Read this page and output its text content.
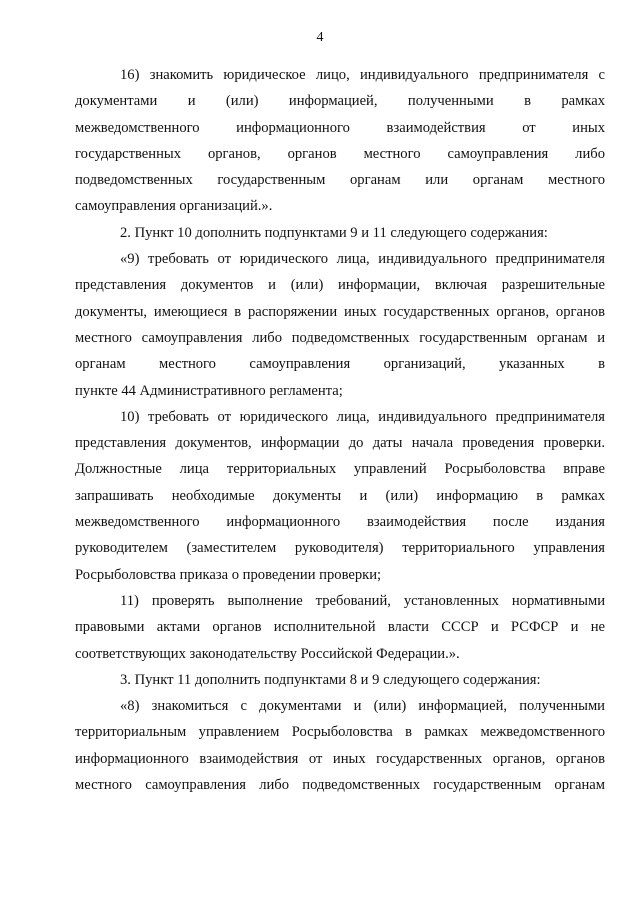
4
16) знакомить юридическое лицо, индивидуального предпринимателя с
документами и (или) информацией, полученными в рамках
межведомственного информационного взаимодействия от иных
государственных органов, органов местного самоуправления либо
подведомственных государственным органам или органам местного
самоуправления организаций.».
2. Пункт 10 дополнить подпунктами 9 и 11 следующего содержания:
«9) требовать от юридического лица, индивидуального предпринимателя
представления документов и (или) информации, включая разрешительные
документы, имеющиеся в распоряжении иных государственных органов, органов
местного самоуправления либо подведомственных государственным органам и
органам местного самоуправления организаций, указанных в
пункте 44 Административного регламента;
10) требовать от юридического лица, индивидуального предпринимателя
представления документов, информации до даты начала проведения проверки.
Должностные лица территориальных управлений Росрыболовства вправе
запрашивать необходимые документы и (или) информацию в рамках
межведомственного информационного взаимодействия после издания
руководителем (заместителем руководителя) территориального управления
Росрыболовства приказа о проведении проверки;
11) проверять выполнение требований, установленных нормативными
правовыми актами органов исполнительной власти СССР и РСФСР и не
соответствующих законодательству Российской Федерации.».
3. Пункт 11 дополнить подпунктами 8 и 9 следующего содержания:
«8) знакомиться с документами и (или) информацией, полученными
территориальным управлением Росрыболовства в рамках межведомственного
информационного взаимодействия от иных государственных органов, органов
местного самоуправления либо подведомственных государственным органам
